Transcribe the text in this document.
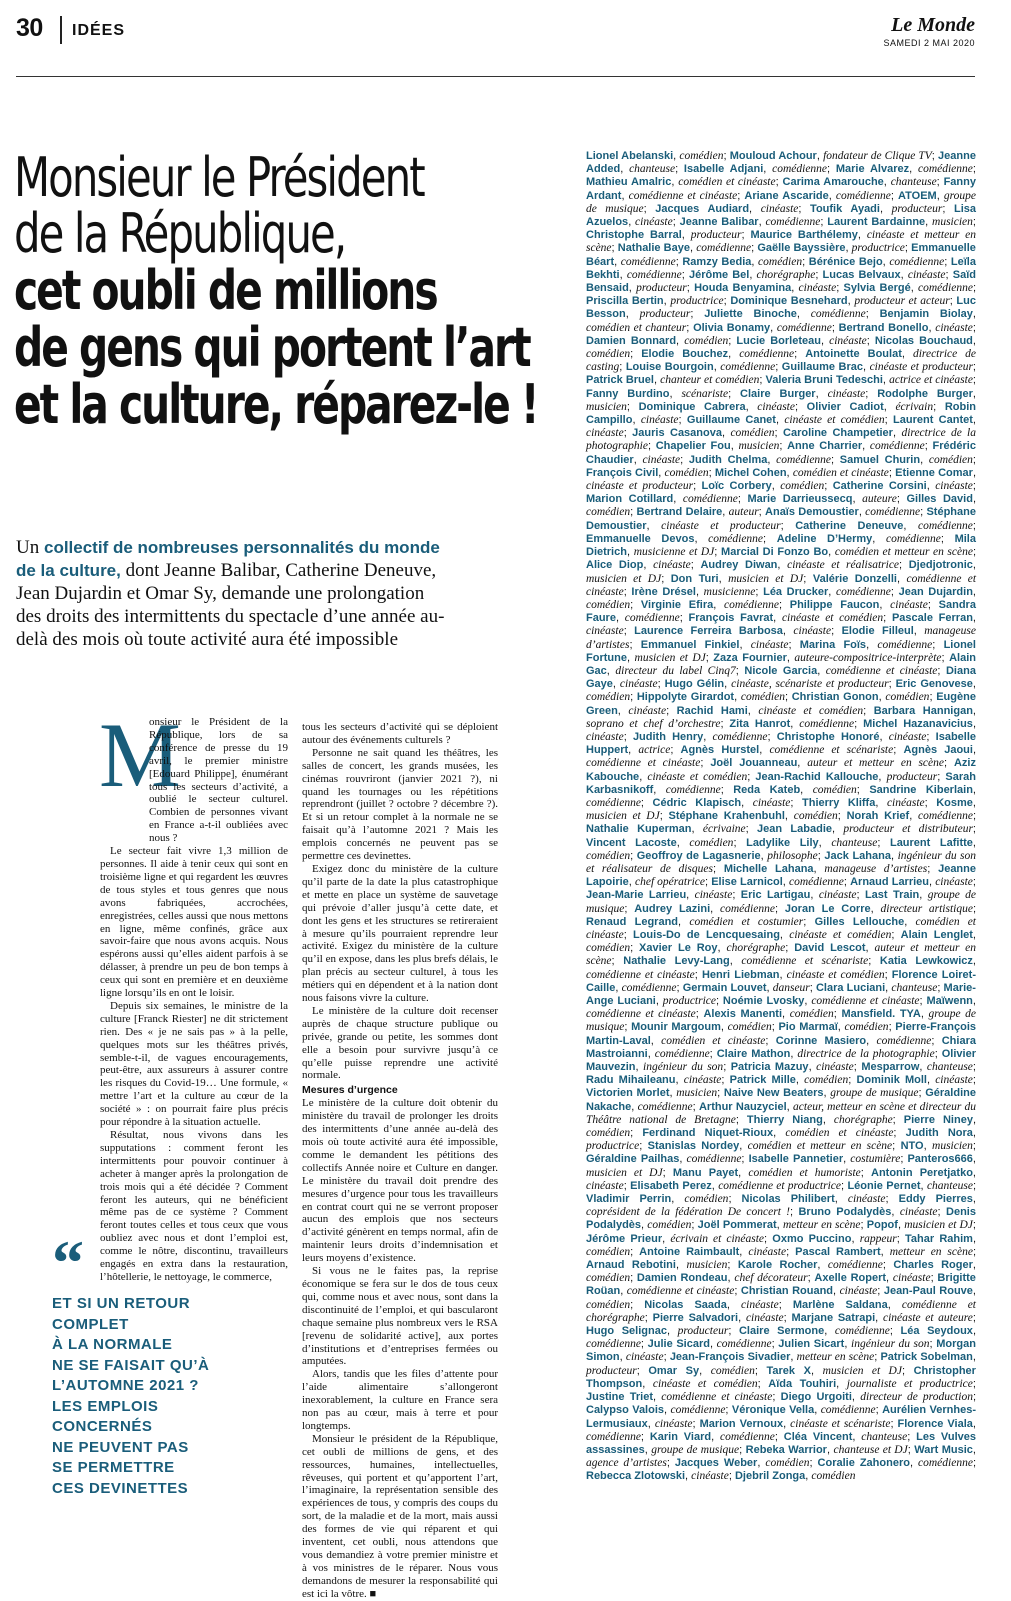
30 IDÉES	Le Monde
SAMEDI 2 MAI 2020
Monsieur le Président
de la République,
cet oubli de millions
de gens qui portent l’art
et la culture, réparez-le !
Un collectif de nombreuses personnalités du monde de la culture, dont Jeanne Balibar, Catherine Deneuve, Jean Dujardin et Omar Sy, demande une prolongation des droits des intermittents du spectacle d’une année au-delà des mois où toute activité aura été impossible
M

onsieur le Président de la République, lors de sa conférence de presse du 19 avril, le premier ministre [Edouard Philippe], énumérant tous les secteurs d’activité, a oublié le secteur culturel. Combien de personnes vivant en France a-t-il oubliées avec nous ?

Le secteur fait vivre 1,3 million de personnes. Il aide à tenir ceux qui sont en troisième ligne et qui regardent les œuvres de tous styles et tous genres que nous avons fabriquées, accrochées, enregistrées, celles aussi que nous mettons en ligne, même confinés, grâce aux savoir-faire que nous avons acquis. Nous espérons aussi qu’elles aident parfois à se délasser, à prendre un peu de bon temps à ceux qui sont en première et en deuxième ligne lorsqu’ils en ont le loisir.

Depuis six semaines, le ministre de la culture [Franck Riester] ne dit strictement rien. Des « je ne sais pas » à la pelle, quelques mots sur les théâtres privés, semble-t-il, de vagues encouragements, peut-être, aux assureurs à assurer contre les risques du Covid-19… Une formule, « mettre l’art et la culture au cœur de la société » : on pourrait faire plus précis pour répondre à la situation actuelle.

Résultat, nous vivons dans les supputations : comment feront les intermittents pour pouvoir continuer à acheter à manger après la prolongation de trois mois qui a été décidée ? Comment feront les auteurs, qui ne bénéficient même pas de ce système ? Comment feront toutes celles et tous ceux que vous oubliez avec nous et dont l’emploi est, comme le nôtre, discontinu, travailleurs engagés en extra dans la restauration, l’hôtellerie, le nettoyage, le commerce,

tous les secteurs d’activité qui se déploient autour des événements culturels ?

Personne ne sait quand les théâtres, les salles de concert, les grands musées, les cinémas rouvriront (janvier 2021 ?), ni quand les tournages ou les répétitions reprendront (juillet ? octobre ? décembre ?). Et si un retour complet à la normale ne se faisait qu’à l’automne 2021 ? Mais les emplois concernés ne peuvent pas se permettre ces devinettes.

Exigez donc du ministère de la culture qu’il parte de la date la plus catastrophique et mette en place un système de sauvetage qui prévoie d’aller jusqu’à cette date, et dont les gens et les structures se retireraient à mesure qu’ils pourraient reprendre leur activité. Exigez du ministère de la culture qu’il en expose, dans les plus brefs délais, le plan précis au secteur culturel, à tous les métiers qui en dépendent et à la nation dont nous faisons vivre la culture.

Le ministère de la culture doit recenser auprès de chaque structure publique ou privée, grande ou petite, les sommes dont elle a besoin pour survivre jusqu’à ce qu’elle puisse reprendre une activité normale.

Mesures d’urgence

Le ministère de la culture doit obtenir du ministère du travail de prolonger les droits des intermittents d’une année au-delà des mois où toute activité aura été impossible, comme le demandent les pétitions des collectifs Année noire et Culture en danger. Le ministère du travail doit prendre des mesures d’urgence pour tous les travailleurs en contrat court qui ne se verront proposer aucun des emplois que nos secteurs d’activité génèrent en temps normal, afin de maintenir leurs droits d’indemnisation et leurs moyens d’existence.

Si vous ne le faites pas, la reprise économique se fera sur le dos de tous ceux qui, comme nous et avec nous, sont dans la discontinuité de l’emploi, et qui bascularont chaque semaine plus nombreux vers le RSA [revenu de solidarité active], aux portes d’institutions et d’entreprises fermées ou amputées.

Alors, tandis que les files d’attente pour l’aide alimentaire s’allongeront inexorablement, la culture en France sera non pas au cœur, mais à terre et pour longtemps.

Monsieur le président de la République, cet oubli de millions de gens, et des ressources, humaines, intellectuelles, rêveuses, qui portent et qu’apportent l’art, l’imaginaire, la représentation sensible des expériences de tous, y compris des coups du sort, de la maladie et de la mort, mais aussi des formes de vie qui réparent et qui inventent, cet oubli, nous attendons que vous demandiez à votre premier ministre et à vos ministres de le réparer. Nous vous demandons de mesurer la responsabilité qui est ici la vôtre. ■

“
ET SI UN RETOUR
COMPLET
À LA NORMALE
NE SE FAISAIT QU’À
L’AUTOMNE 2021 ?
LES EMPLOIS
CONCERNÉS
NE PEUVENT PAS
SE PERMETTRE
CES DEVINETTES
Lionel Abelanski, comédien; Mouloud Achour, fondateur de Clique TV; Jeanne Added, chanteuse; Isabelle Adjani, comédienne; Marie Alvarez, comédienne; Mathieu Amalric, comédien et cinéaste; Carima Amarouche, chanteuse; Fanny Ardant, comédienne et cinéaste; Ariane Ascaride, comédienne; ATOEM, groupe de musique; Jacques Audiard, cinéaste; Toufik Ayadi, producteur; Lisa Azuelos, cinéaste; Jeanne Balibar, comédienne; Laurent Bardainne, musicien; Christophe Barral, producteur; Maurice Barthélemy, cinéaste et metteur en scène; Nathalie Baye, comédienne; Gaëlle Bayssière, productrice; Emmanuelle Béart, comédienne; Ramzy Bedia, comédien; Bérénice Bejo, comédienne; Leïla Bekhti, comédienne; Jérôme Bel, chorégraphe; Lucas Belvaux, cinéaste; Saïd Bensaid, producteur; Houda Benyamina, cinéaste; Sylvia Bergé, comédienne; Priscilla Bertin, productrice; Dominique Besnehard, producteur et acteur; Luc Besson, producteur; Juliette Binoche, comédienne; Benjamin Biolay, comédien et chanteur; Olivia Bonamy, comédienne; Bertrand Bonello, cinéaste; Damien Bonnard, comédien; Lucie Borleteau, cinéaste; Nicolas Bouchaud, comédien; Elodie Bouchez, comédienne; Antoinette Boulat, directrice de casting; Louise Bourgoin, comédienne; Guillaume Brac, cinéaste et producteur; Patrick Bruel, chanteur et comédien; Valeria Bruni Tedeschi, actrice et cinéaste; Fanny Burdino, scénariste; Claire Burger, cinéaste; Rodolphe Burger, musicien; Dominique Cabrera, cinéaste; Olivier Cadiot, écrivain; Robin Campillo, cinéaste; Guillaume Canet, cinéaste et comédien; Laurent Cantet, cinéaste; Jauris Casanova, comédien; Caroline Champetier, directrice de la photographie; Chapelier Fou, musicien; Anne Charrier, comédienne; Frédéric Chaudier, cinéaste; Judith Chelma, comédienne; Samuel Churin, comédien; François Civil, comédien; Michel Cohen, comédien et cinéaste; Etienne Comar, cinéaste et producteur; Loïc Corbery, comédien; Catherine Corsini, cinéaste; Marion Cotillard, comédienne; Marie Darrieussecq, auteure; Gilles David, comédien; Bertrand Delaire, auteur; Anaïs Demoustier, comédienne; Stéphane Demoustier, cinéaste et producteur; Catherine Deneuve, comédienne; Emmanuelle Devos, comédienne; Adeline D’Hermy, comédienne; Mila Dietrich, musicienne et DJ; Marcial Di Fonzo Bo, comédien et metteur en scène; Alice Diop, cinéaste; Audrey Diwan, cinéaste et réalisatrice; Djedjotronic, musicien et DJ; Don Turi, musicien et DJ; Valérie Donzelli, comédienne et cinéaste; Irène Drésel, musicienne; Léa Drucker, comédienne; Jean Dujardin, comédien; Virginie Efira, comédienne; Philippe Faucon, cinéaste; Sandra Faure, comédienne; François Favrat, cinéaste et comédien; Pascale Ferran, cinéaste; Laurence Ferreira Barbosa, cinéaste; Elodie Filleul, manageuse d’artistes; Emmanuel Finkiel, cinéaste; Marina Foïs, comédienne; Lionel Fortune, musicien et DJ; Zaza Fournier, auteure-compositrice-interprète; Alain Gac, directeur du label Cinq7; Nicole Garcia, comédienne et cinéaste; Diana Gaye, cinéaste; Hugo Gélin, cinéaste, scénariste et producteur; Eric Genovese, comédien; Hippolyte Girardot, comédien; Christian Gonon, comédien; Eugène Green, cinéaste; Rachid Hami, cinéaste et comédien; Barbara Hannigan, soprano et chef d’orchestre; Zita Hanrot, comédienne; Michel Hazanavicius, cinéaste; Judith Henry, comédienne; Christophe Honoré, cinéaste; Isabelle Huppert, actrice; Agnès Hurstel, comédienne et scénariste; Agnès Jaoui, comédienne et cinéaste; Joël Jouanneau, auteur et metteur en scène; Aziz Kabouche, cinéaste et comédien; Jean-Rachid Kallouche, producteur; Sarah Karbasnikoff, comédienne; Reda Kateb, comédien; Sandrine Kiberlain, comédienne; Cédric Klapisch, cinéaste; Thierry Kliffa, cinéaste; Kosme, musicien et DJ; Stéphane Krahenbuhl, comédien; Norah Krief, comédienne; Nathalie Kuperman, écrivaine; Jean Labadie, producteur et distributeur; Vincent Lacoste, comédien; Ladylike Lily, chanteuse; Laurent Lafitte, comédien; Geoffroy de Lagasnerie, philosophe; Jack Lahana, ingénieur du son et réalisateur de disques; Michelle Lahana, manageuse d’artistes; Jeanne Lapoirie, chef opératrice; Elise Larnicol, comédienne; Arnaud Larrieu, cinéaste; Jean-Marie Larrieu, cinéaste; Eric Lartigau, cinéaste; Last Train, groupe de musique; Audrey Lazini, comédienne; Joran Le Corre, directeur artistique; Renaud Legrand, comédien et costumier; Gilles Lellouche, comédien et cinéaste; Louis-Do de Lencquesaing, cinéaste et comédien; Alain Lenglet, comédien; Xavier Le Roy, chorégraphe; David Lescot, auteur et metteur en scène; Nathalie Levy-Lang, comédienne et scénariste; Katia Lewkowicz, comédienne et cinéaste; Henri Liebman, cinéaste et comédien; Florence Loiret-Caille, comédienne; Germain Louvet, danseur; Clara Luciani, chanteuse; Marie-Ange Luciani, productrice; Noémie Lvosky, comédienne et cinéaste; Maïwenn, comédienne et cinéaste; Alexis Manenti, comédien; Mansfield. TYA, groupe de musique; Mounir Margoum, comédien; Pio Marmaï, comédien; Pierre-François Martin-Laval, comédien et cinéaste; Corinne Masiero, comédienne; Chiara Mastroianni, comédienne; Claire Mathon, directrice de la photographie; Olivier Mauvezin, ingénieur du son; Patricia Mazuy, cinéaste; Mesparrow, chanteuse; Radu Mihaileanu, cinéaste; Patrick Mille, comédien; Dominik Moll, cinéaste; Victorien Morlet, musicien; Naive New Beaters, groupe de musique; Géraldine Nakache, comédienne; Arthur Nauzyciel, acteur, metteur en scène et directeur du Théâtre national de Bretagne; Thierry Niang, chorégraphe; Pierre Niney, comédien; Ferdinand Niquet-Rioux, comédien et cinéaste; Judith Nora, productrice; Stanislas Nordey, comédien et metteur en scène; NTO, musicien; Géraldine Pailhas, comédienne; Isabelle Pannetier, costumière; Panteros666, musicien et DJ; Manu Payet, comédien et humoriste; Antonin Peretjatko, cinéaste; Elisabeth Perez, comédienne et productrice; Léonie Pernet, chanteuse; Vladimir Perrin, comédien; Nicolas Philibert, cinéaste; Eddy Pierres, coprésident de la fédération De concert !; Bruno Podalydès, cinéaste; Denis Podalydès, comédien; Joël Pommerat, metteur en scène; Popof, musicien et DJ; Jérôme Prieur, écrivain et cinéaste; Oxmo Puccino, rappeur; Tahar Rahim, comédien; Antoine Raimbault, cinéaste; Pascal Rambert, metteur en scène; Arnaud Rebotini, musicien; Karole Rocher, comédienne; Charles Roger, comédien; Damien Rondeau, chef décorateur; Axelle Ropert, cinéaste; Brigitte Roüan, comédienne et cinéaste; Christian Rouand, cinéaste; Jean-Paul Rouve, comédien; Nicolas Saada, cinéaste; Marlène Saldana, comédienne et chorégraphe; Pierre Salvadori, cinéaste; Marjane Satrapi, cinéaste et auteure; Hugo Selignac, producteur; Claire Sermone, comédienne; Léa Seydoux, comédienne; Julie Sicard, comédienne; Julien Sicart, ingénieur du son; Morgan Simon, cinéaste; Jean-François Sivadier, metteur en scène; Patrick Sobelman, producteur; Omar Sy, comédien; Tarek X, musicien et DJ; Christopher Thompson, cinéaste et comédien; Aïda Touhiri, journaliste et productrice; Justine Triet, comédienne et cinéaste; Diego Urgoiti, directeur de production; Calypso Valois, comédienne; Véronique Vella, comédienne; Aurélien Vernhes-Lermusiaux, cinéaste; Marion Vernoux, cinéaste et scénariste; Florence Viala, comédienne; Karin Viard, comédienne; Cléa Vincent, chanteuse; Les Vulves assassines, groupe de musique; Rebeka Warrior, chanteuse et DJ; Wart Music, agence d’artistes; Jacques Weber, comédien; Coralie Zahonero, comédienne; Rebecca Zlotowski, cinéaste; Djebril Zonga, comédien
